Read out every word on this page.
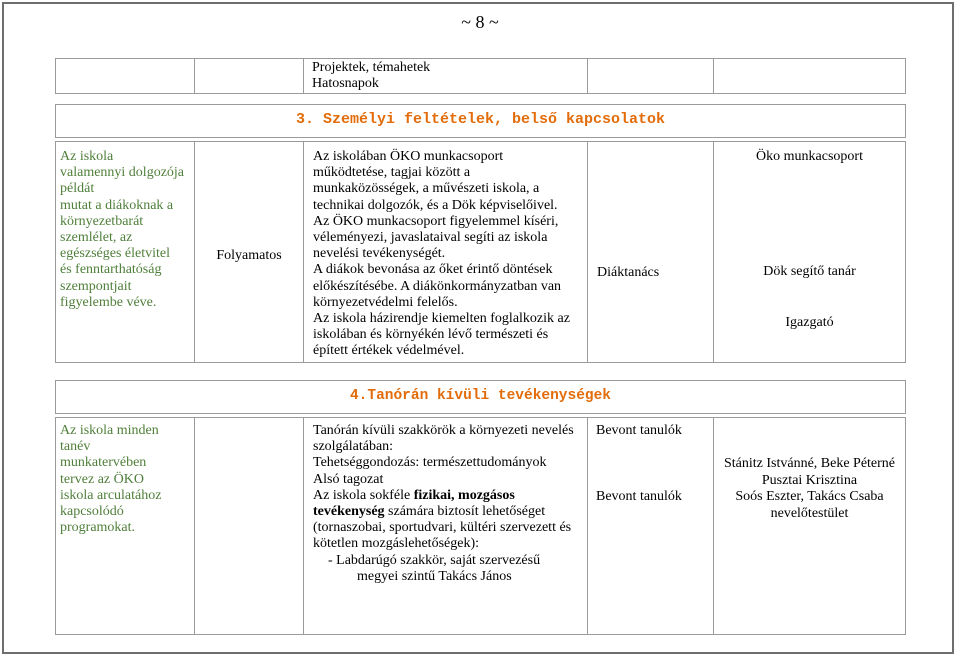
~ 8 ~
Projektek, témahetek
Hatosnapok
3. Személyi feltételek, belső kapcsolatok
Az iskola
valamennyi dolgozója
példát
mutat a diákoknak a
környezetbarát
szemlélet, az
egészséges életvitel
és fenntarthatóság
szempontjait
figyelembe véve.
Folyamatos
Az iskolában ÖKO munkacsoport
működtetése, tagjai között a
munkaközösségek, a művészeti iskola, a
technikai dolgozók, és a Dök képviselőivel.
Az ÖKO munkacsoport figyelemmel kíséri,
véleményezi, javaslataival segíti az iskola
nevelési tevékenységét.
A diákok bevonása az őket érintő döntések
előkészítésébe. A diákönkormányzatban van
környezetvédelmi felelős.
Az iskola házirendje kiemelten foglalkozik az
iskolában és környékén lévő természeti és
épített értékek védelmével.
Diáktanács
Öko munkacsoport
Dök segítő tanár
Igazgató
4.Tanórán kívüli tevékenységek
Az iskola minden
tanév
munkatervében
tervez az ÖKO
iskola arculatához
kapcsolódó
programokat.
Tanórán kívüli szakkörök a környezeti nevelés
szolgálatában:
Tehetséggondozás: természettudományok
Alsó tagozat
Az iskola sokféle fizikai, mozgásos
tevékenység számára biztosít lehetőséget
(tornaszobai, sportudvari, kültéri szervezett és
kötetlen mozgáslehetőségek):
- Labdarúgó szakkör, saját szervezésű
megyei szintű Takács János
Bevont tanulók
Bevont tanulók
Stánitz Istvánné, Beke Péterné
Pusztai Krisztina
Soós Eszter, Takács Csaba
nevelőtestület
